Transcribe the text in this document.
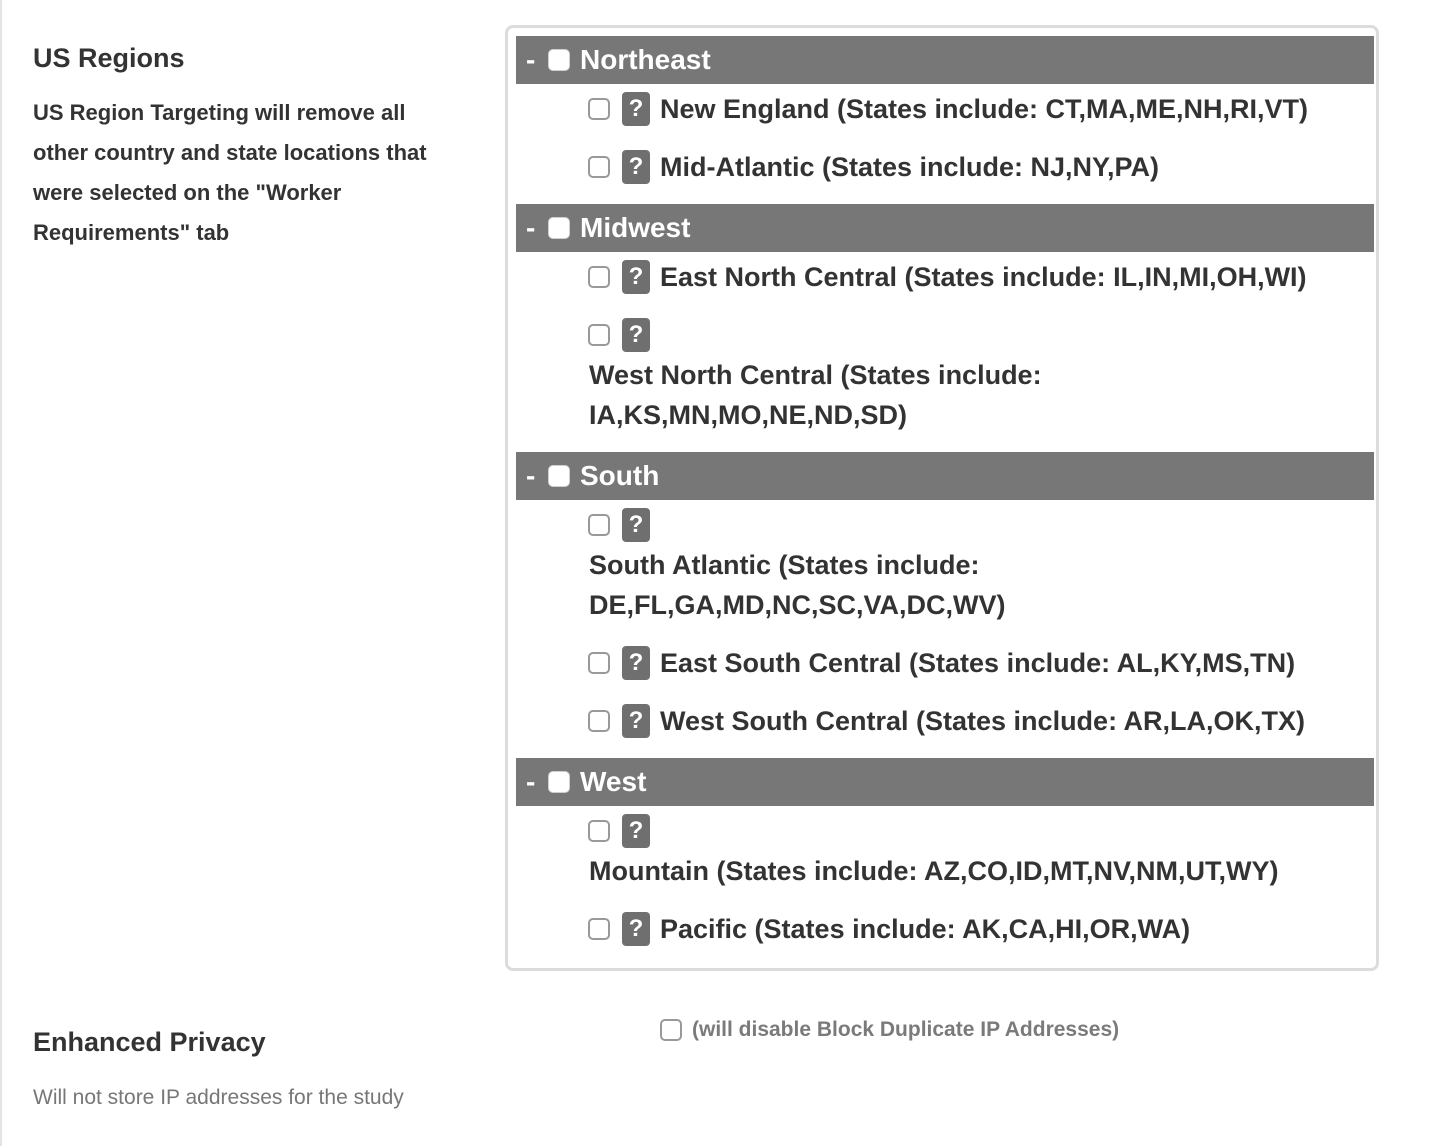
US Regions

US Region Targeting will remove all other country and state locations that were selected on the "Worker Requirements" tab

-	Northeast
? New England (States include: CT,MA,ME,NH,RI,VT)
? Mid-Atlantic (States include: NJ,NY,PA)
-	Midwest
? East North Central (States include: IL,IN,MI,OH,WI)
?
West North Central (States include:
IA,KS,MN,MO,NE,ND,SD)
-	South
?
South Atlantic (States include:
DE,FL,GA,MD,NC,SC,VA,DC,WV)
? East South Central (States include: AL,KY,MS,TN)
? West South Central (States include: AR,LA,OK,TX)
-	West
?
Mountain (States include: AZ,CO,ID,MT,NV,NM,UT,WY)
? Pacific (States include: AK,CA,HI,OR,WA)
Enhanced Privacy

Will not store IP addresses for the study

(will disable Block Duplicate IP Addresses)
